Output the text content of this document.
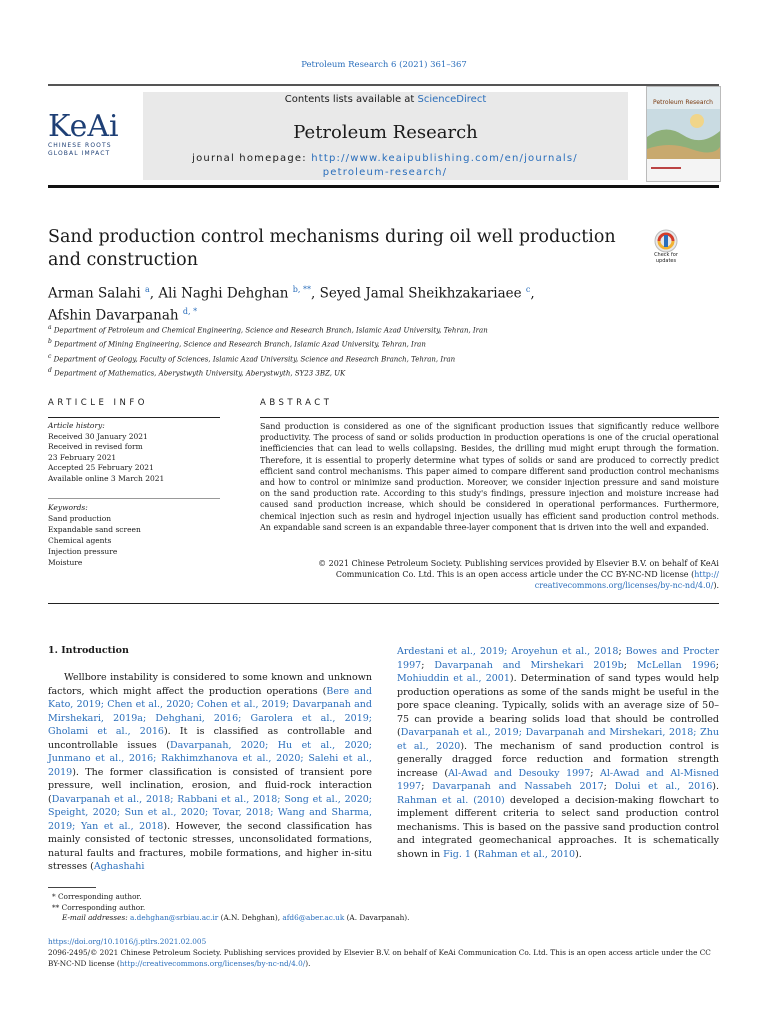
Petroleum Research 6 (2021) 361–367
KeAi
CHINESE ROOTS
GLOBAL IMPACT
Contents lists available at ScienceDirect
Petroleum Research
journal homepage: http://www.keaipublishing.com/en/journals/
petroleum-research/
Petroleum Research
Sand production control mechanisms during oil well production and construction	Check for updates
Arman Salahi $^a$, Ali Naghi Dehghan $^{b, **}$, Seyed Jamal Sheikhzakariaee $^c$,
Afshin Davarpanah $^{d, *}$
$^a$ Department of Petroleum and Chemical Engineering, Science and Research Branch, Islamic Azad University, Tehran, Iran
$^b$ Department of Mining Engineering, Science and Research Branch, Islamic Azad University, Tehran, Iran
$^c$ Department of Geology, Faculty of Sciences, Islamic Azad University, Science and Research Branch, Tehran, Iran
$^d$ Department of Mathematics, Aberystwyth University, Aberystwyth, SY23 3BZ, UK
ARTICLE INFO	ABSTRACT
Article history:
Received 30 January 2021
Received in revised form
23 February 2021
Accepted 25 February 2021
Available online 3 March 2021
Keywords:
Sand production
Expandable sand screen
Chemical agents
Injection pressure
Moisture
Sand production is considered as one of the significant production issues that significantly reduce wellbore productivity. The process of sand or solids production in production operations is one of the crucial operational inefficiencies that can lead to wells collapsing. Besides, the drilling mud might erupt through the formation. Therefore, it is essential to properly determine what types of solids or sand are produced to correctly predict efficient sand control mechanisms. This paper aimed to compare different sand production control mechanisms and how to control or minimize sand production. Moreover, we consider injection pressure and sand moisture on the sand production rate. According to this study's findings, pressure injection and moisture increase had caused sand production increase, which should be considered in operational performances. Furthermore, chemical injection such as resin and hydrogel injection usually has efficient sand production control methods. An expandable sand screen is an expandable three-layer component that is driven into the well and expanded.
© 2021 Chinese Petroleum Society. Publishing services provided by Elsevier B.V. on behalf of KeAi
Communication Co. Ltd. This is an open access article under the CC BY-NC-ND license (http://
creativecommons.org/licenses/by-nc-nd/4.0/).
1. Introduction
Wellbore instability is considered to some known and unknown factors, which might affect the production operations (Bere and Kato, 2019; Chen et al., 2020; Cohen et al., 2019; Davarpanah and Mirshekari, 2019a; Dehghani, 2016; Garolera et al., 2019; Gholami et al., 2016). It is classified as controllable and uncontrollable issues (Davarpanah, 2020; Hu et al., 2020; Junmano et al., 2016; Rakhimzhanova et al., 2020; Salehi et al., 2019). The former classification is consisted of transient pore pressure, well inclination, erosion, and fluid-rock interaction (Davarpanah et al., 2018; Rabbani et al., 2018; Song et al., 2020; Speight, 2020; Sun et al., 2020; Tovar, 2018; Wang and Sharma, 2019; Yan et al., 2018). However, the second classification has mainly consisted of tectonic stresses, unconsolidated formations, natural faults and fractures, mobile formations, and higher in-situ stresses (Aghashahi
Ardestani et al., 2019; Aroyehun et al., 2018; Bowes and Procter 1997; Davarpanah and Mirshekari 2019b; McLellan 1996; Mohiuddin et al., 2001). Determination of sand types would help production operations as some of the sands might be useful in the pore space cleaning. Typically, solids with an average size of 50–75 can provide a bearing solids load that should be controlled (Davarpanah et al., 2019; Davarpanah and Mirshekari, 2018; Zhu et al., 2020). The mechanism of sand production control is generally dragged force reduction and formation strength increase (Al-Awad and Desouky 1997; Al-Awad and Al-Misned 1997; Davarpanah and Nassabeh 2017; Dolui et al., 2016). Rahman et al. (2010) developed a decision-making flowchart to implement different criteria to select sand production control mechanisms. This is based on the passive sand production control and integrated geomechanical approaches. It is schematically shown in Fig. 1 (Rahman et al., 2010).
* Corresponding author.
** Corresponding author.
E-mail addresses: a.dehghan@srbiau.ac.ir (A.N. Dehghan), afd6@aber.ac.uk (A. Davarpanah).
https://doi.org/10.1016/j.ptlrs.2021.02.005
2096-2495/© 2021 Chinese Petroleum Society. Publishing services provided by Elsevier B.V. on behalf of KeAi Communication Co. Ltd. This is an open access article under the CC BY-NC-ND license (http://creativecommons.org/licenses/by-nc-nd/4.0/).
